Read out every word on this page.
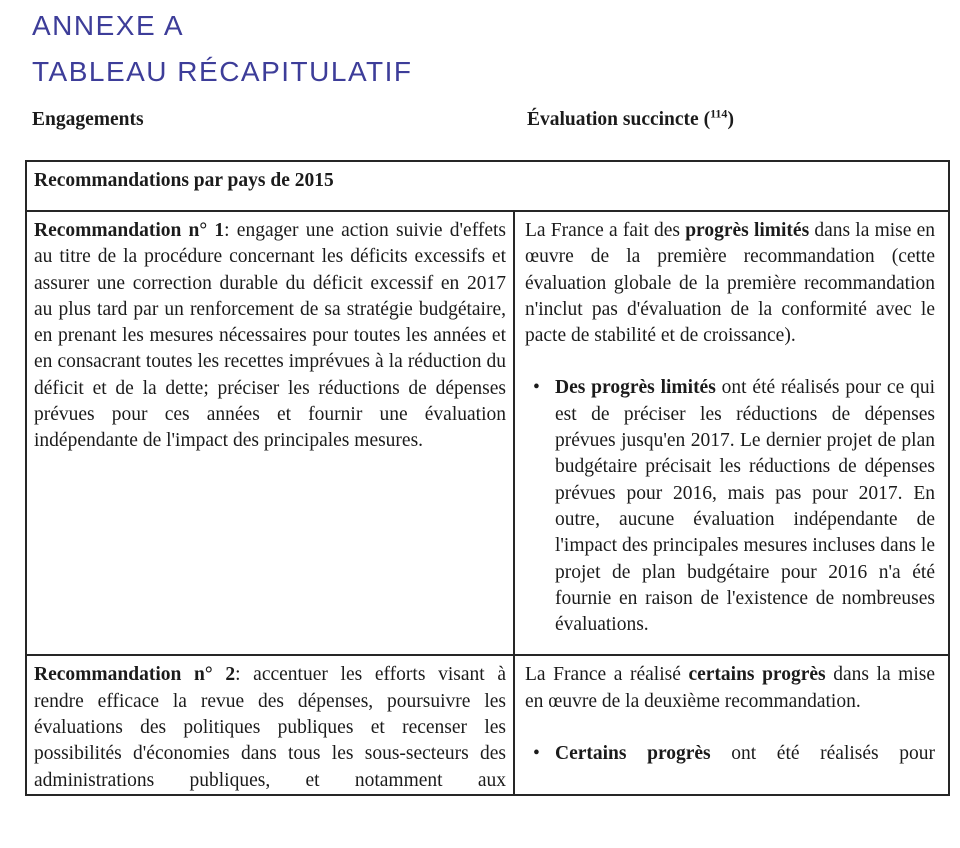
ANNEXE A
TABLEAU RÉCAPITULATIF
Engagements	Évaluation succincte ($^{114}$)
Recommandations par pays de 2015

Recommandation n° 1: engager une action suivie d'effets au titre de la procédure concernant les déficits excessifs et assurer une correction durable du déficit excessif en 2017 au plus tard par un renforcement de sa stratégie budgétaire, en prenant les mesures nécessaires pour toutes les années et en consacrant toutes les recettes imprévues à la réduction du déficit et de la dette; préciser les réductions de dépenses prévues pour ces années et fournir une évaluation indépendante de l'impact des principales mesures.

La France a fait des progrès limités dans la mise en œuvre de la première recommandation (cette évaluation globale de la première recommandation n'inclut pas d'évaluation de la conformité avec le pacte de stabilité et de croissance).

• Des progrès limités ont été réalisés pour ce qui est de préciser les réductions de dépenses prévues jusqu'en 2017. Le dernier projet de plan budgétaire précisait les réductions de dépenses prévues pour 2016, mais pas pour 2017. En outre, aucune évaluation indépendante de l'impact des principales mesures incluses dans le projet de plan budgétaire pour 2016 n'a été fournie en raison de l'existence de nombreuses évaluations.

Recommandation n° 2: accentuer les efforts visant à rendre efficace la revue des dépenses, poursuivre les évaluations des politiques publiques et recenser les possibilités d'économies dans tous les sous-secteurs des administrations publiques, et notamment aux

La France a réalisé certains progrès dans la mise en œuvre de la deuxième recommandation.

• Certains progrès ont été réalisés pour
